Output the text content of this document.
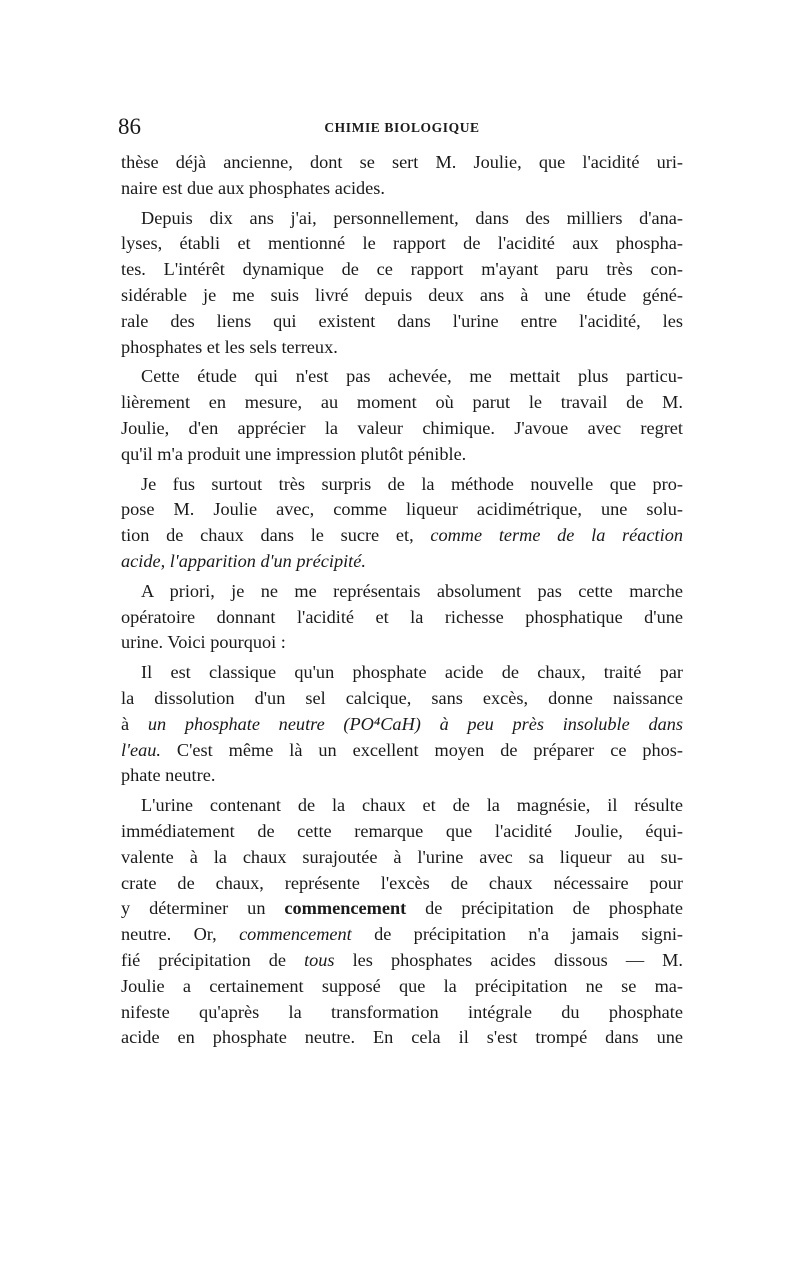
86	CHIMIE BIOLOGIQUE
thèse déjà ancienne, dont se sert M. Joulie, que l'acidité uri-
naire est due aux phosphates acides.
Depuis dix ans j'ai, personnellement, dans des milliers d'ana-
lyses, établi et mentionné le rapport de l'acidité aux phospha-
tes. L'intérêt dynamique de ce rapport m'ayant paru très con-
sidérable je me suis livré depuis deux ans à une étude géné-
rale des liens qui existent dans l'urine entre l'acidité, les
phosphates et les sels terreux.
Cette étude qui n'est pas achevée, me mettait plus particu-
lièrement en mesure, au moment où parut le travail de M.
Joulie, d'en apprécier la valeur chimique. J'avoue avec regret
qu'il m'a produit une impression plutôt pénible.
Je fus surtout très surpris de la méthode nouvelle que pro-
pose M. Joulie avec, comme liqueur acidimétrique, une solu-
tion de chaux dans le sucre et, comme terme de la réaction
acide, l'apparition d'un précipité.
A priori, je ne me représentais absolument pas cette marche
opératoire donnant l'acidité et la richesse phosphatique d'une
urine. Voici pourquoi :
Il est classique qu'un phosphate acide de chaux, traité par
la dissolution d'un sel calcique, sans excès, donne naissance
à un phosphate neutre (PO⁴CaH) à peu près insoluble dans
l'eau. C'est même là un excellent moyen de préparer ce phos-
phate neutre.
L'urine contenant de la chaux et de la magnésie, il résulte
immédiatement de cette remarque que l'acidité Joulie, équi-
valente à la chaux surajoutée à l'urine avec sa liqueur au su-
crate de chaux, représente l'excès de chaux nécessaire pour
y déterminer un commencement de précipitation de phosphate
neutre. Or, commencement de précipitation n'a jamais signi-
fié précipitation de tous les phosphates acides dissous — M.
Joulie a certainement supposé que la précipitation ne se ma-
nifeste qu'après la transformation intégrale du phosphate
acide en phosphate neutre. En cela il s'est trompé dans une
